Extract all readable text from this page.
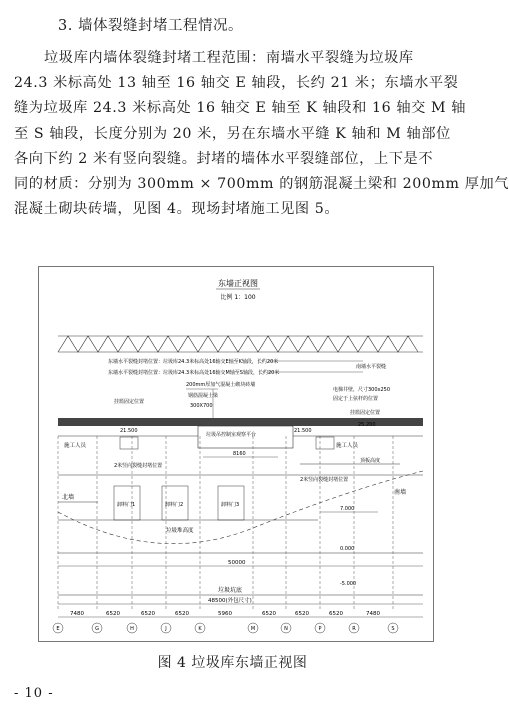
3. 墙体裂缝封堵工程情况。
垃圾库内墙体裂缝封堵工程范围：南墙水平裂缝为垃圾库
24.3 米标高处 13 轴至 16 轴交 E 轴段，长约 21 米；东墙水平裂
缝为垃圾库 24.3 米标高处 16 轴交 E 轴至 K 轴段和 16 轴交 M 轴
至 S 轴段，长度分别为 20 米，另在东墙水平缝 K 轴和 M 轴部位
各向下约 2 米有竖向裂缝。封堵的墙体水平裂缝部位，上下是不
同的材质：分别为 300mm × 700mm 的钢筋混凝土梁和 200mm 厚加气
混凝土砌块砖墙，见图 4。现场封堵施工见图 5。
东墙正视图
比例 1：100
东墙水平裂缝封堵位置：垃圾库24.3米标高处16轴交E轴至K轴段，长约20米
东墙水平裂缝封堵位置：垃圾库24.3米标高处16轴交M轴至S轴段，长约20米
南墙水平裂缝
200mm厚加气混凝土砌块砖墙
钢筋混凝土梁
300X700
挂篮固定位置
电梯井壁，尺寸300x250
固定于上弦杆的位置
挂篮固定位置
施工人员
21.500
施工人员
21.500
25.200
垃圾吊控制室观察平台
8160
2米竖向裂缝封堵位置
2米竖向裂缝封堵位置
顶板高度
北墙
南墙
卸料门1	卸料门2	卸料门3
垃圾堆高度
7.000
0.000
-5.000
50000
垃圾坑底
48500(外包尺寸)
7480	6520	6520	6520	5960	6520	6520	6520	7480
E	G	H	J	K	M	N	P	R	S
图 4 垃圾库东墙正视图
- 10 -
